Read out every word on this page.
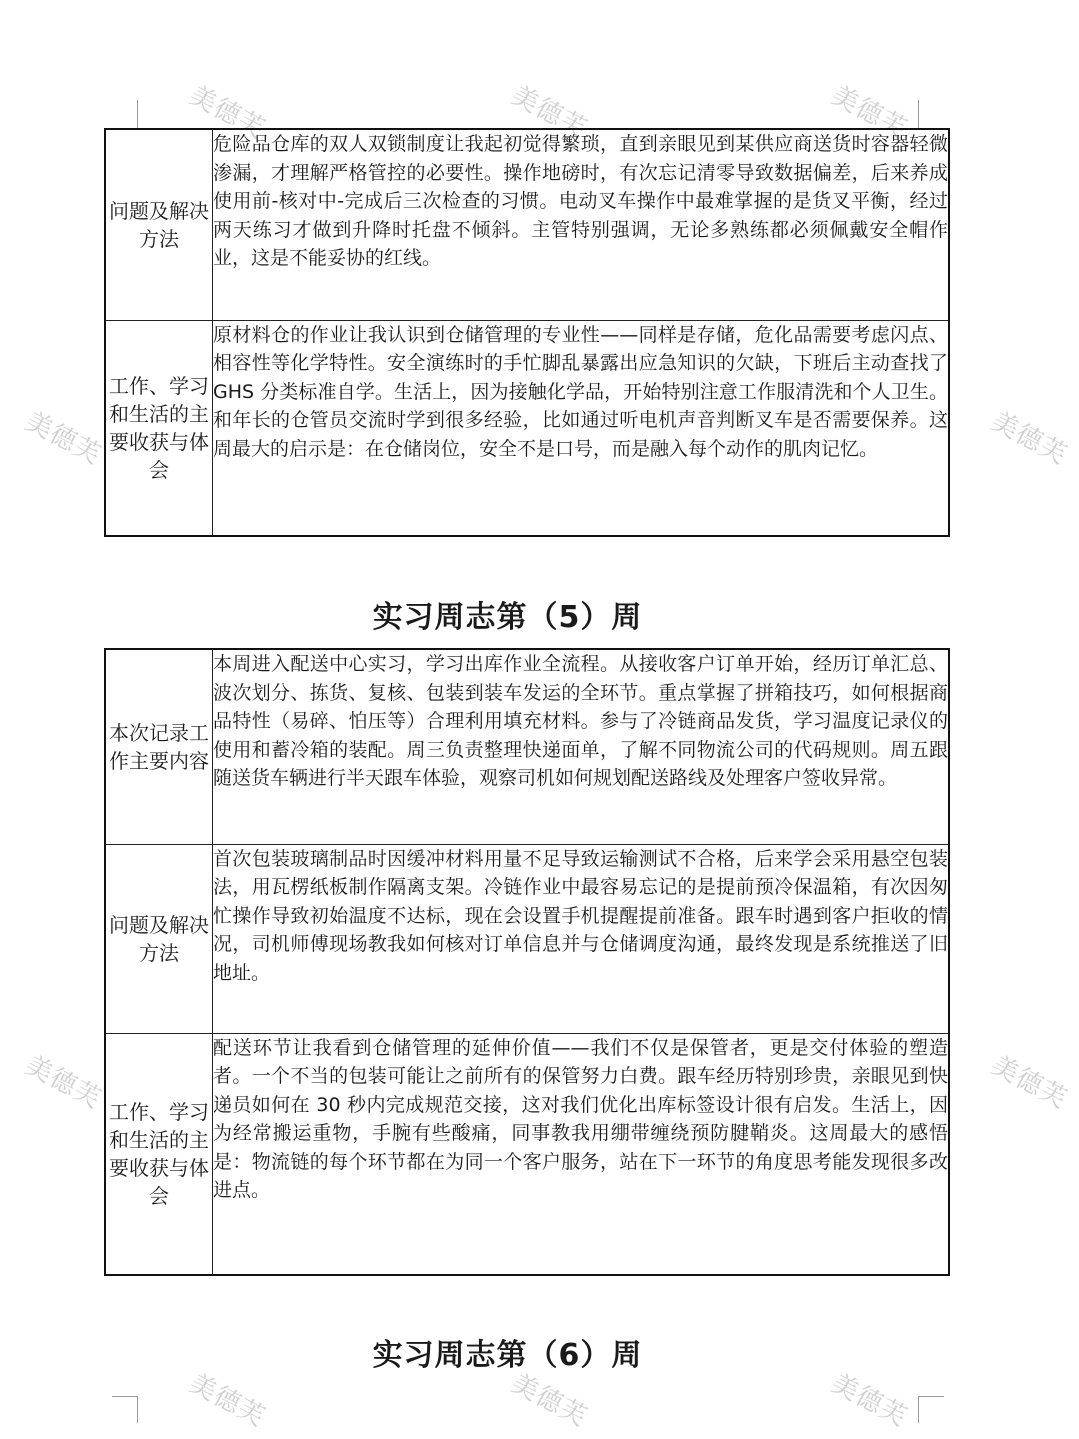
美德芙	美德芙	美德芙
美德芙	美德芙
美德芙	美德芙
美德芙	美德芙	美德芙
问题及解决方法	危险品仓库的双人双锁制度让我起初觉得繁琐，直到亲眼见到某供应商送货时容器轻微渗漏，才理解严格管控的必要性。操作地磅时，有次忘记清零导致数据偏差，后来养成使用前-核对中-完成后三次检查的习惯。电动叉车操作中最难掌握的是货叉平衡，经过两天练习才做到升降时托盘不倾斜。主管特别强调，无论多熟练都必须佩戴安全帽作业，这是不能妥协的红线。
工作、学习和生活的主要收获与体会	原材料仓的作业让我认识到仓储管理的专业性——同样是存储，危化品需要考虑闪点、相容性等化学特性。安全演练时的手忙脚乱暴露出应急知识的欠缺，下班后主动查找了 GHS 分类标准自学。生活上，因为接触化学品，开始特别注意工作服清洗和个人卫生。和年长的仓管员交流时学到很多经验，比如通过听电机声音判断叉车是否需要保养。这周最大的启示是：在仓储岗位，安全不是口号，而是融入每个动作的肌肉记忆。
实习周志第（5）周
本次记录工作主要内容	本周进入配送中心实习，学习出库作业全流程。从接收客户订单开始，经历订单汇总、波次划分、拣货、复核、包装到装车发运的全环节。重点掌握了拼箱技巧，如何根据商品特性（易碎、怕压等）合理利用填充材料。参与了冷链商品发货，学习温度记录仪的使用和蓄冷箱的装配。周三负责整理快递面单，了解不同物流公司的代码规则。周五跟随送货车辆进行半天跟车体验，观察司机如何规划配送路线及处理客户签收异常。
问题及解决方法	首次包装玻璃制品时因缓冲材料用量不足导致运输测试不合格，后来学会采用悬空包装法，用瓦楞纸板制作隔离支架。冷链作业中最容易忘记的是提前预冷保温箱，有次因匆忙操作导致初始温度不达标，现在会设置手机提醒提前准备。跟车时遇到客户拒收的情况，司机师傅现场教我如何核对订单信息并与仓储调度沟通，最终发现是系统推送了旧地址。
工作、学习和生活的主要收获与体会	配送环节让我看到仓储管理的延伸价值——我们不仅是保管者，更是交付体验的塑造者。一个不当的包装可能让之前所有的保管努力白费。跟车经历特别珍贵，亲眼见到快递员如何在 30 秒内完成规范交接，这对我们优化出库标签设计很有启发。生活上，因为经常搬运重物，手腕有些酸痛，同事教我用绷带缠绕预防腱鞘炎。这周最大的感悟是：物流链的每个环节都在为同一个客户服务，站在下一环节的角度思考能发现很多改进点。
实习周志第（6）周
